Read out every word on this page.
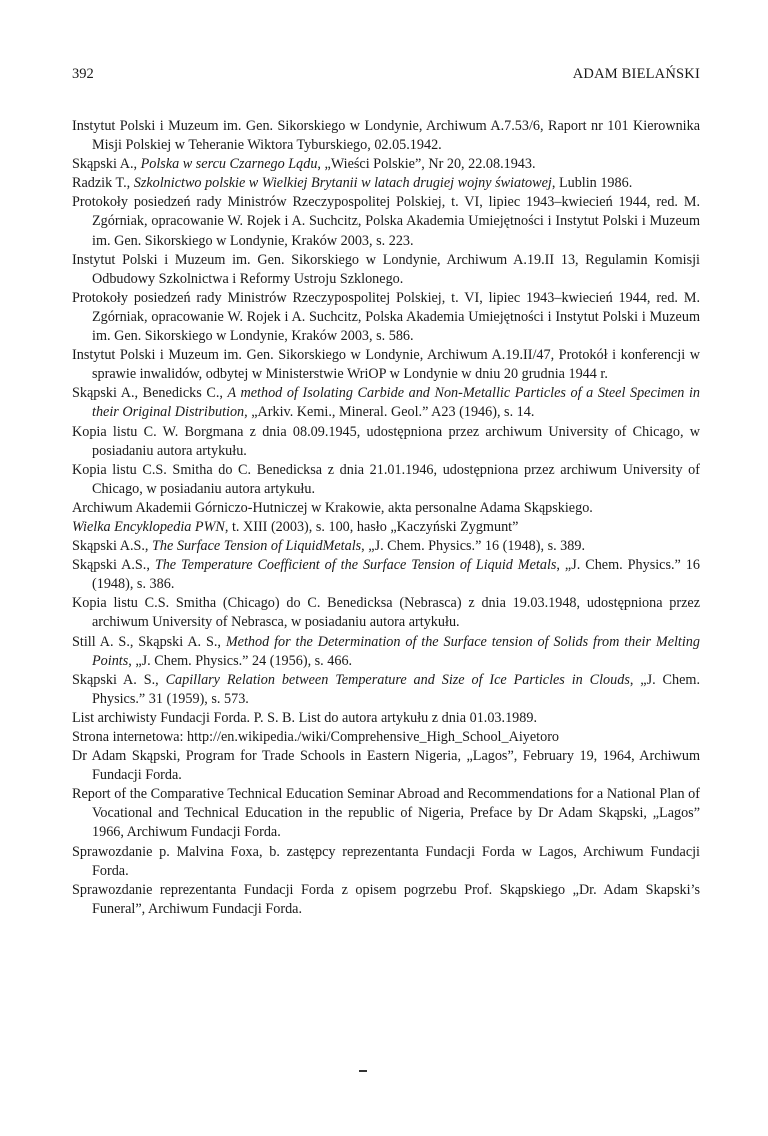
392	ADAM BIELAŃSKI

Instytut Polski i Muzeum im. Gen. Sikorskiego w Londynie, Archiwum A.7.53/6, Raport nr 101 Kierownika Misji Polskiej w Teheranie Wiktora Tyburskiego, 02.05.1942.

Skąpski A., Polska w sercu Czarnego Lądu, „Wieści Polskie”, Nr 20, 22.08.1943.

Radzik T., Szkolnictwo polskie w Wielkiej Brytanii w latach drugiej wojny światowej, Lublin 1986.

Protokoły posiedzeń rady Ministrów Rzeczypospolitej Polskiej, t. VI, lipiec 1943–kwiecień 1944, red. M. Zgórniak, opracowanie W. Rojek i A. Suchcitz, Polska Akademia Umiejętności i Instytut Polski i Muzeum im. Gen. Sikorskiego w Londynie, Kraków 2003, s. 223.

Instytut Polski i Muzeum im. Gen. Sikorskiego w Londynie, Archiwum A.19.II 13, Regulamin Komisji Odbudowy Szkolnictwa i Reformy Ustroju Szklonego.

Protokoły posiedzeń rady Ministrów Rzeczypospolitej Polskiej, t. VI, lipiec 1943–kwiecień 1944, red. M. Zgórniak, opracowanie W. Rojek i A. Suchcitz, Polska Akademia Umiejętności i Instytut Polski i Muzeum im. Gen. Sikorskiego w Londynie, Kraków 2003, s. 586.

Instytut Polski i Muzeum im. Gen. Sikorskiego w Londynie, Archiwum A.19.II/47, Protokół i konferencji w sprawie inwalidów, odbytej w Ministerstwie WriOP w Londynie w dniu 20 grudnia 1944 r.

Skąpski A., Benedicks C., A method of Isolating Carbide and Non-Metallic Particles of a Steel Specimen in their Original Distribution, „Arkiv. Kemi., Mineral. Geol.” A23 (1946), s. 14.

Kopia listu C. W. Borgmana z dnia 08.09.1945, udostępniona przez archiwum University of Chicago, w posiadaniu autora artykułu.

Kopia listu C.S. Smitha do C. Benedicksa z dnia 21.01.1946, udostępniona przez archiwum University of Chicago, w posiadaniu autora artykułu.

Archiwum Akademii Górniczo-Hutniczej w Krakowie, akta personalne Adama Skąpskiego.

Wielka Encyklopedia PWN, t. XIII (2003), s. 100, hasło „Kaczyński Zygmunt”

Skąpski A.S., The Surface Tension of LiquidMetals, „J. Chem. Physics.” 16 (1948), s. 389.

Skąpski A.S., The Temperature Coefficient of the Surface Tension of Liquid Metals, „J. Chem. Physics.” 16 (1948), s. 386.

Kopia listu C.S. Smitha (Chicago) do C. Benedicksa (Nebrasca) z dnia 19.03.1948, udostępniona przez archiwum University of Nebrasca, w posiadaniu autora artykułu.

Still A. S., Skąpski A. S., Method for the Determination of the Surface tension of Solids from their Melting Points, „J. Chem. Physics.” 24 (1956), s. 466.

Skąpski A. S., Capillary Relation between Temperature and Size of Ice Particles in Clouds, „J. Chem. Physics.” 31 (1959), s. 573.

List archiwisty Fundacji Forda. P. S. B. List do autora artykułu z dnia 01.03.1989.

Strona internetowa: http://en.wikipedia./wiki/Comprehensive_High_School_Aiyetoro

Dr Adam Skąpski, Program for Trade Schools in Eastern Nigeria, „Lagos”, February 19, 1964, Archiwum Fundacji Forda.

Report of the Comparative Technical Education Seminar Abroad and Recommendations for a National Plan of Vocational and Technical Education in the republic of Nigeria, Preface by Dr Adam Skąpski, „Lagos” 1966, Archiwum Fundacji Forda.

Sprawozdanie p. Malvina Foxa, b. zastępcy reprezentanta Fundacji Forda w Lagos, Archiwum Fundacji Forda.

Sprawozdanie reprezentanta Fundacji Forda z opisem pogrzebu Prof. Skąpskiego „Dr. Adam Skapski’s Funeral”, Archiwum Fundacji Forda.
